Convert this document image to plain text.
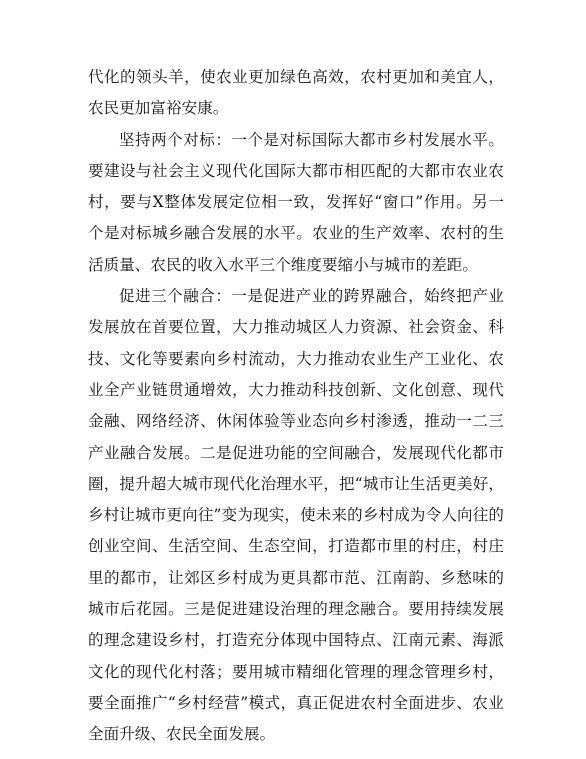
代化的领头羊，使农业更加绿色高效，农村更加和美宜人，农民更加富裕安康。

坚持两个对标：一个是对标国际大都市乡村发展水平。要建设与社会主义现代化国际大都市相匹配的大都市农业农村，要与X整体发展定位相一致，发挥好“窗口”作用。另一个是对标城乡融合发展的水平。农业的生产效率、农村的生活质量、农民的收入水平三个维度要缩小与城市的差距。

促进三个融合：一是促进产业的跨界融合，始终把产业发展放在首要位置，大力推动城区人力资源、社会资金、科技、文化等要素向乡村流动，大力推动农业生产工业化、农业全产业链贯通增效，大力推动科技创新、文化创意、现代金融、网络经济、休闲体验等业态向乡村渗透，推动一二三产业融合发展。二是促进功能的空间融合，发展现代化都市圈，提升超大城市现代化治理水平，把“城市让生活更美好，乡村让城市更向往”变为现实，使未来的乡村成为令人向往的创业空间、生活空间、生态空间，打造都市里的村庄，村庄里的都市，让郊区乡村成为更具都市范、江南韵、乡愁味的城市后花园。三是促进建设治理的理念融合。要用持续发展的理念建设乡村，打造充分体现中国特点、江南元素、海派文化的现代化村落；要用城市精细化管理的理念管理乡村，要全面推广“乡村经营”模式，真正促进农村全面进步、农业全面升级、农民全面发展。
